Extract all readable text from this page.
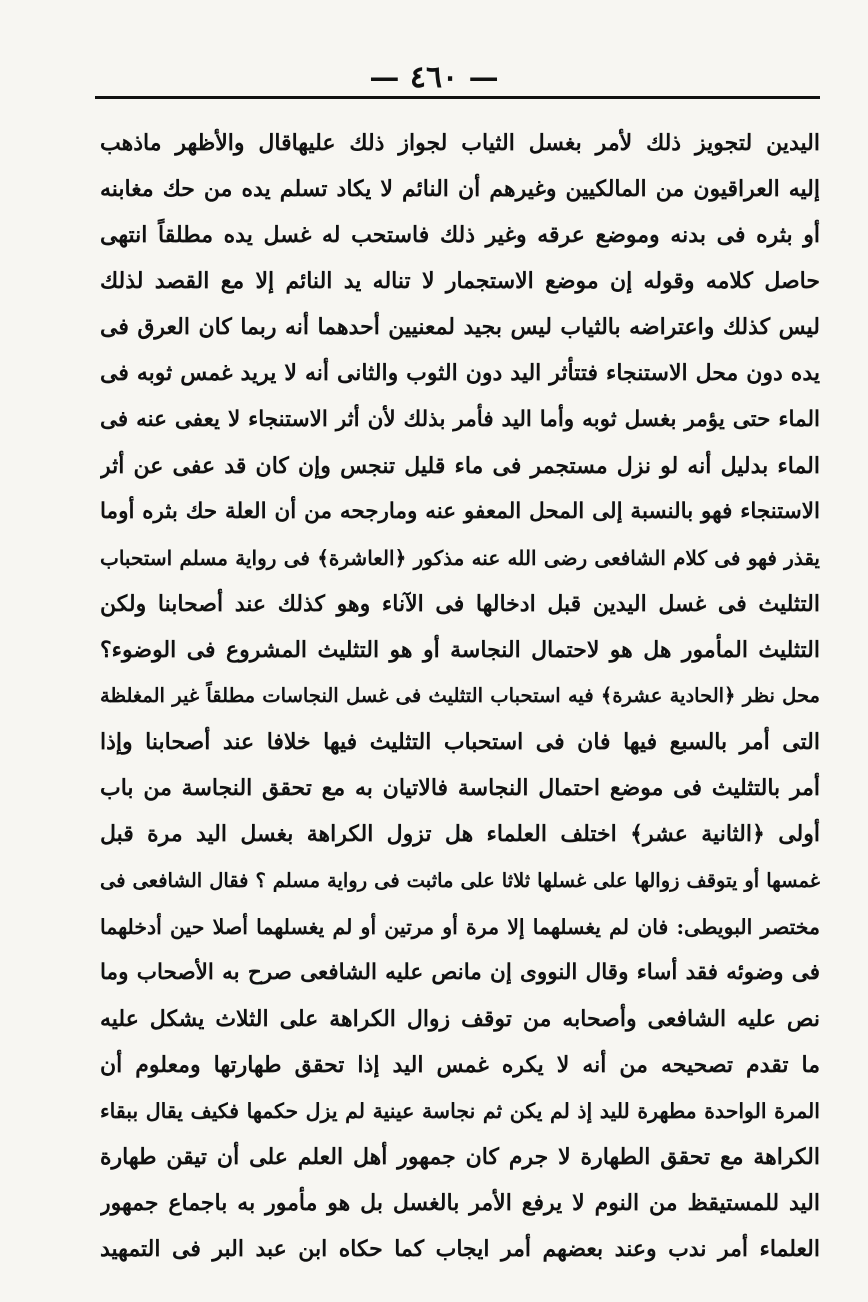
— ٤٦٠ —
اليدين لتجويز ذلك لأمر بغسل الثياب لجواز ذلك عليهاقال والأظهر ماذهب
إليه العراقيون من المالكيين وغيرهم أن النائم لا يكاد تسلم يده من حك مغابنه
أو بثره فى بدنه وموضع عرقه وغير ذلك فاستحب له غسل يده مطلقاً انتهى
حاصل كلامه وقوله إن موضع الاستجمار لا تناله يد النائم إلا مع القصد لذلك
ليس كذلك واعتراضه بالثياب ليس بجيد لمعنيين أحدهما أنه ربما كان العرق فى
يده دون محل الاستنجاء فتتأثر اليد دون الثوب والثانى أنه لا يريد غمس ثوبه فى
الماء حتى يؤمر بغسل ثوبه وأما اليد فأمر بذلك لأن أثر الاستنجاء لا يعفى عنه فى
الماء بدليل أنه لو نزل مستجمر فى ماء قليل تنجس وإن كان قد عفى عن أثر
الاستنجاء فهو بالنسبة إلى المحل المعفو عنه ومارجحه من أن العلة حك بثره أوما
يقذر فهو فى كلام الشافعى رضى الله عنه مذكور ﴿العاشرة﴾ فى رواية مسلم استحباب
التثليث فى غسل اليدين قبل ادخالها فى الآناء وهو كذلك عند أصحابنا ولكن
التثليث المأمور هل هو لاحتمال النجاسة أو هو التثليث المشروع فى الوضوء؟
محل نظر ﴿الحادية عشرة﴾ فيه استحباب التثليث فى غسل النجاسات مطلقاً غير المغلظة
التى أمر بالسبع فيها فان فى استحباب التثليث فيها خلافا عند أصحابنا وإذا
أمر بالتثليث فى موضع احتمال النجاسة فالاتيان به مع تحقق النجاسة من باب
أولى ﴿الثانية عشر﴾ اختلف العلماء هل تزول الكراهة بغسل اليد مرة قبل
غمسها أو يتوقف زوالها على غسلها ثلاثا على ماثبت فى رواية مسلم ؟ فقال الشافعى فى
مختصر البويطى: فان لم يغسلهما إلا مرة أو مرتين أو لم يغسلهما أصلا حين أدخلهما
فى وضوئه فقد أساء وقال النووى إن مانص عليه الشافعى صرح به الأصحاب وما
نص عليه الشافعى وأصحابه من توقف زوال الكراهة على الثلاث يشكل عليه
ما تقدم تصحيحه من أنه لا يكره غمس اليد إذا تحقق طهارتها ومعلوم أن
المرة الواحدة مطهرة لليد إذ لم يكن ثم نجاسة عينية لم يزل حكمها فكيف يقال ببقاء
الكراهة مع تحقق الطهارة لا جرم كان جمهور أهل العلم على أن تيقن طهارة
اليد للمستيقظ من النوم لا يرفع الأمر بالغسل بل هو مأمور به باجماع جمهور
العلماء أمر ندب وعند بعضهم أمر ايجاب كما حكاه ابن عبد البر فى التمهيد
